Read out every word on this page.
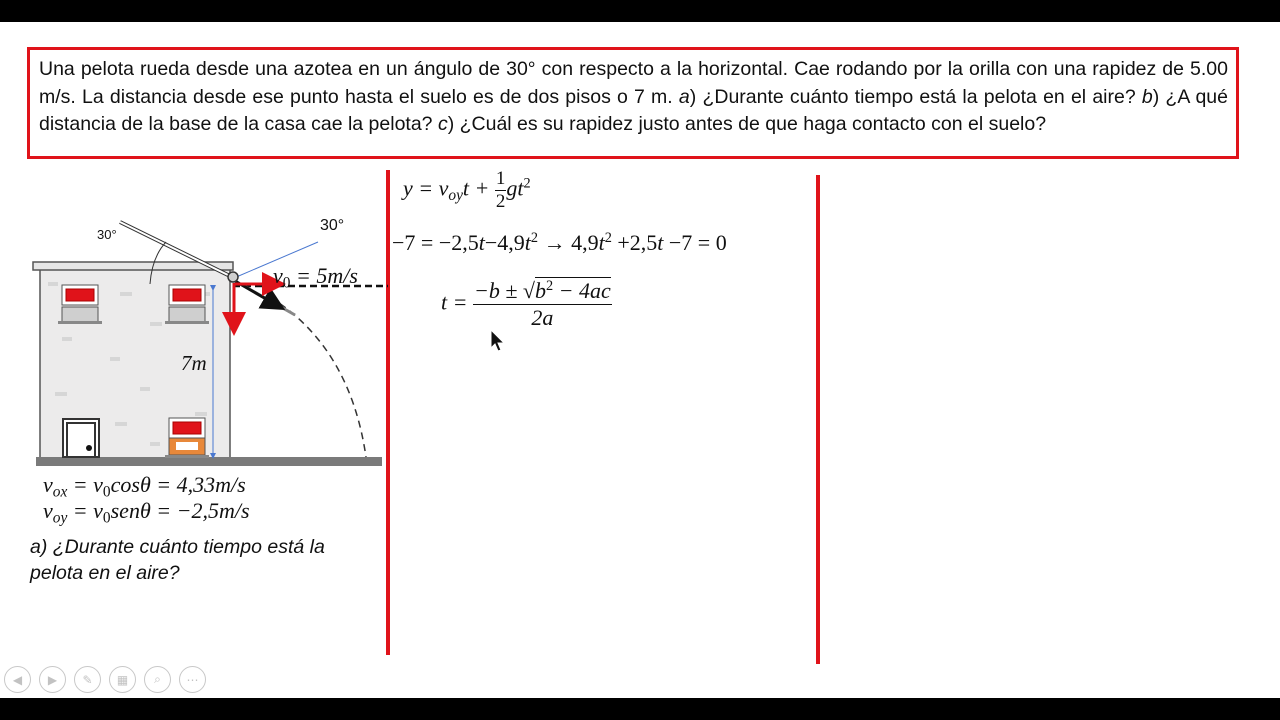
Una pelota rueda desde una azotea en un ángulo de 30° con respecto a la horizontal. Cae rodando por la orilla con una rapidez de 5.00 m/s. La distancia desde ese punto hasta el suelo es de dos pisos o 7 m. a) ¿Durante cuánto tiempo está la pelota en el aire? b) ¿A qué distancia de la base de la casa cae la pelota? c) ¿Cuál es su rapidez justo antes de que haga contacto con el suelo?
30°
30°
$v_0 = 5m/s$
7m
$v_{ox} = v_0\cos\theta = 4,33m/s$
$v_{oy} = v_0sen\theta = -2,5m/s$
a) ¿Durante cuánto tiempo está la
pelota en el aire?
$y = v_{oy}t + \frac{1}{2} gt^2$
$-7 = -2,5t-4,9t^2 \to 4,9t^2 +2,5t -7 = 0$
$t = \frac{-b \pm √b^2 - 4ac}{2a}$
◀	▶	✎	▦	⌕	⋯
